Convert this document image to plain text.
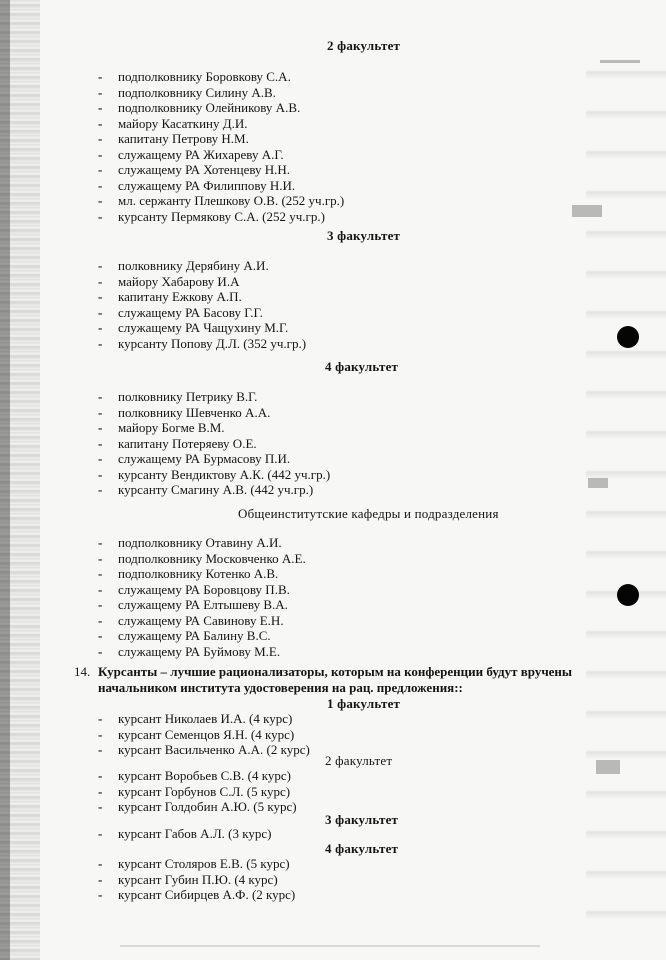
2 факультет
- подполковнику Боровкову С.А.
- подполковнику Силину А.В.
- подполковнику Олейникову А.В.
- майору Касаткину Д.И.
- капитану Петрову Н.М.
- служащему РА Жихареву А.Г.
- служащему РА Хотенцеву Н.Н.
- служащему РА Филиппову Н.И.
- мл. сержанту Плешкову О.В. (252 уч.гр.)
- курсанту Пермякову С.А. (252 уч.гр.)
3 факультет
- полковнику Дерябину А.И.
- майору Хабарову И.А
- капитану Ежкову А.П.
- служащему РА Басову Г.Г.
- служащему РА Чащухину М.Г.
- курсанту Попову Д.Л. (352 уч.гр.)
4 факультет
- полковнику Петрику В.Г.
- полковнику Шевченко А.А.
- майору Богме В.М.
- капитану Потеряеву О.Е.
- служащему РА Бурмасову П.И.
- курсанту Вендиктову А.К. (442 уч.гр.)
- курсанту Смагину А.В. (442 уч.гр.)
Общеинститутские кафедры и подразделения
- подполковнику Отавину А.И.
- подполковнику Московченко А.Е.
- подполковнику Котенко А.В.
- служащему РА Боровцову П.В.
- служащему РА Елтышеву В.А.
- служащему РА Савинову Е.Н.
- служащему РА Балину В.С.
- служащему РА Буймову М.Е.
14. Курсанты – лучшие рационализаторы, которым на конференции будут вручены начальником института удостоверения на рац. предложения::
1 факультет
- курсант Николаев И.А. (4 курс)
- курсант Семенцов Я.Н. (4 курс)
- курсант Васильченко А.А. (2 курс)
2 факультет
- курсант Воробьев С.В. (4 курс)
- курсант Горбунов С.Л. (5 курс)
- курсант Голдобин А.Ю. (5 курс)
3 факультет
- курсант Габов А.Л. (3 курс)
4 факультет
- курсант Столяров Е.В. (5 курс)
- курсант Губин П.Ю. (4 курс)
- курсант Сибирцев А.Ф. (2 курс)
